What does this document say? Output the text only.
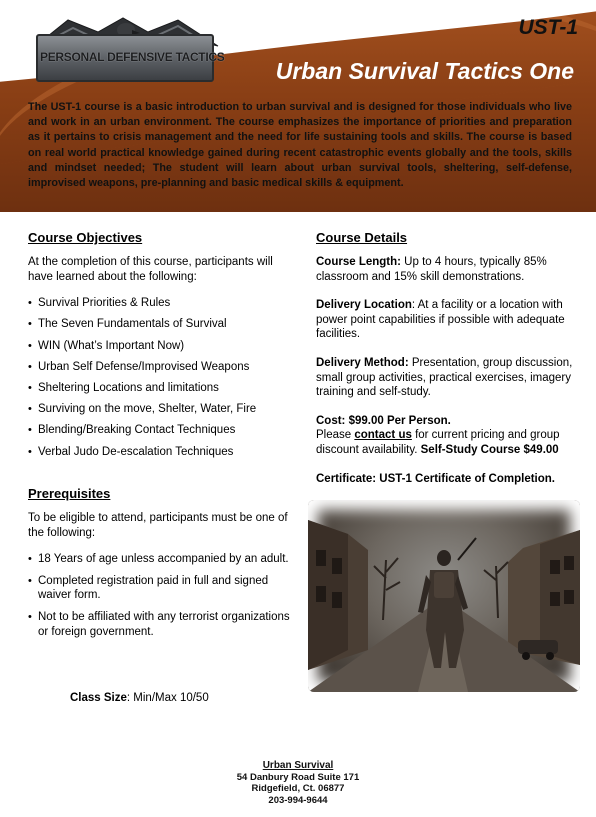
PERSONAL DEFENSIVE TACTICS
UST-1
Urban Survival Tactics One

The UST-1 course is a basic introduction to urban survival and is designed for those individuals who live and work in an urban environment. The course emphasizes the importance of priorities and preparation as it pertains to crisis management and the need for life sustaining tools and skills. The course is based on real world practical knowledge gained during recent catastrophic events globally and the tools, skills and mindset needed; The student will learn about urban survival tools, sheltering, self-defense, improvised weapons, pre-planning and basic medical skills & equipment.

Course Objectives

At the completion of this course, participants will have learned about the following:

• Survival Priorities & Rules
• The Seven Fundamentals of Survival
• WIN (What’s Important Now)
• Urban Self Defense/Improvised Weapons
• Sheltering Locations and limitations
• Surviving on the move, Shelter, Water, Fire
• Blending/Breaking Contact Techniques
• Verbal Judo De-escalation Techniques
Prerequisites

To be eligible to attend, participants must be one of the following:

• 18 Years of age unless accompanied by an adult.
• Completed registration paid in full and signed waiver form.
• Not to be affiliated with any terrorist organizations or foreign government.
Class Size: Min/Max 10/50
Course Details

Course Length: Up to 4 hours, typically 85% classroom and 15% skill demonstrations.

Delivery Location: At a facility or a location with power point capabilities if possible with adequate facilities.

Delivery Method: Presentation, group discussion, small group activities, practical exercises, imagery training and self-study.

Cost: $99.00 Per Person.
Please contact us for current pricing and group discount availability. Self-Study Course $49.00

Certificate: UST-1 Certificate of Completion.

Urban Survival
54 Danbury Road Suite 171
Ridgefield, Ct. 06877
203-994-9644
